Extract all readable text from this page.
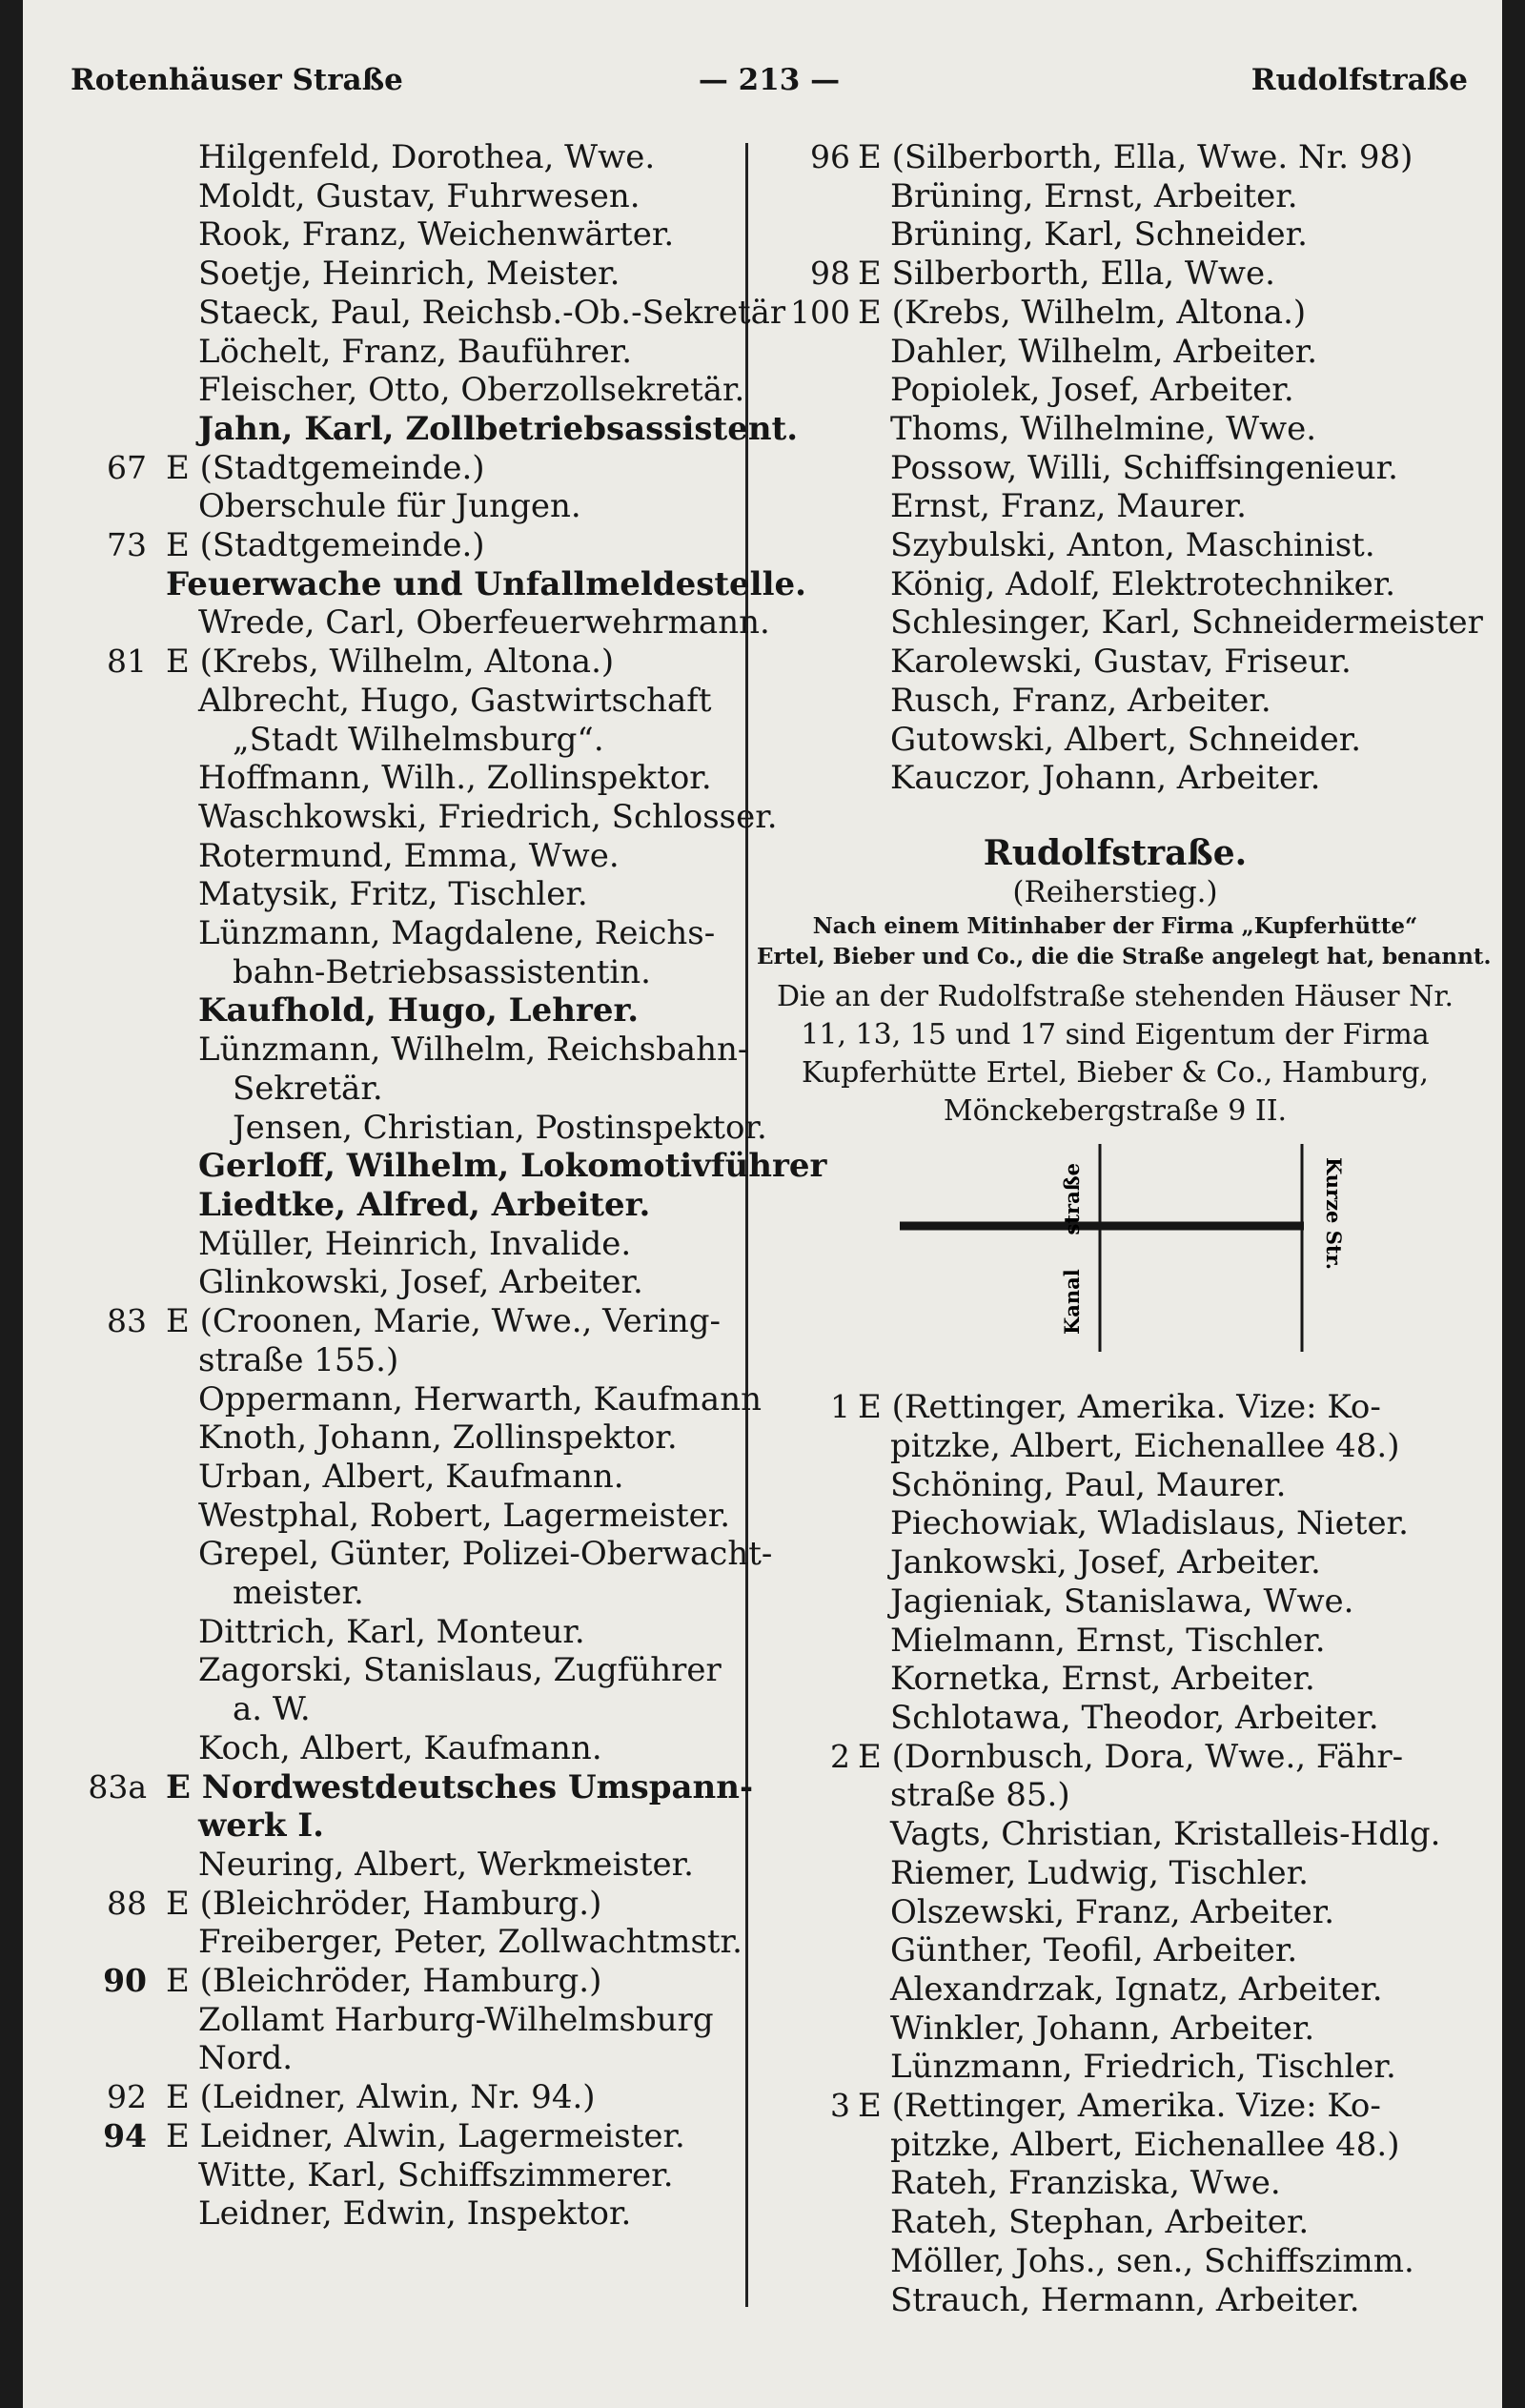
Rotenhäuser Straße	— 213 —	Rudolfstraße
Hilgenfeld, Dorothea, Wwe.
Moldt, Gustav, Fuhrwesen.
Rook, Franz, Weichenwärter.
Soetje, Heinrich, Meister.
Staeck, Paul, Reichsb.-Ob.-Sekretär
Löchelt, Franz, Bauführer.
Fleischer, Otto, Oberzollsekretär.
Jahn, Karl, Zollbetriebsassistent.
67 E (Stadtgemeinde.)
Oberschule für Jungen.
73 E (Stadtgemeinde.)
Feuerwache und Unfallmeldestelle.
Wrede, Carl, Oberfeuerwehrmann.
81 E (Krebs, Wilhelm, Altona.)
Albrecht, Hugo, Gastwirtschaft
„Stadt Wilhelmsburg“.
Hoffmann, Wilh., Zollinspektor.
Waschkowski, Friedrich, Schlosser.
Rotermund, Emma, Wwe.
Matysik, Fritz, Tischler.
Lünzmann, Magdalene, Reichs-
bahn-Betriebsassistentin.
Kaufhold, Hugo, Lehrer.
Lünzmann, Wilhelm, Reichsbahn-
Sekretär.
Jensen, Christian, Postinspektor.
Gerloff, Wilhelm, Lokomotivführer
Liedtke, Alfred, Arbeiter.
Müller, Heinrich, Invalide.
Glinkowski, Josef, Arbeiter.
83 E (Croonen, Marie, Wwe., Vering-
straße 155.)
Oppermann, Herwarth, Kaufmann
Knoth, Johann, Zollinspektor.
Urban, Albert, Kaufmann.
Westphal, Robert, Lagermeister.
Grepel, Günter, Polizei-Oberwacht-
meister.
Dittrich, Karl, Monteur.
Zagorski, Stanislaus, Zugführer
a. W.
Koch, Albert, Kaufmann.
83a E Nordwestdeutsches Umspann-
werk I.
Neuring, Albert, Werkmeister.
88 E (Bleichröder, Hamburg.)
Freiberger, Peter, Zollwachtmstr.
90 E (Bleichröder, Hamburg.)
Zollamt Harburg-Wilhelmsburg
Nord.
92 E (Leidner, Alwin, Nr. 94.)
94 E Leidner, Alwin, Lagermeister.
Witte, Karl, Schiffszimmerer.
Leidner, Edwin, Inspektor.
96 E (Silberborth, Ella, Wwe. Nr. 98)
Brüning, Ernst, Arbeiter.
Brüning, Karl, Schneider.
98 E Silberborth, Ella, Wwe.
100 E (Krebs, Wilhelm, Altona.)
Dahler, Wilhelm, Arbeiter.
Popiolek, Josef, Arbeiter.
Thoms, Wilhelmine, Wwe.
Possow, Willi, Schiffsingenieur.
Ernst, Franz, Maurer.
Szybulski, Anton, Maschinist.
König, Adolf, Elektrotechniker.
Schlesinger, Karl, Schneidermeister
Karolewski, Gustav, Friseur.
Rusch, Franz, Arbeiter.
Gutowski, Albert, Schneider.
Kauczor, Johann, Arbeiter.
Rudolfstraße.
(Reiherstieg.)
Nach einem Mitinhaber der Firma „Kupferhütte“
Ertel, Bieber und Co., die die Straße angelegt hat, benannt.
Die an der Rudolfstraße stehenden Häuser Nr.
11, 13, 15 und 17 sind Eigentum der Firma
Kupferhütte Ertel, Bieber & Co., Hamburg,
Mönckebergstraße 9 II.
straße
Kanal
Kurze Str.
1 E (Rettinger, Amerika. Vize: Ko-
pitzke, Albert, Eichenallee 48.)
Schöning, Paul, Maurer.
Piechowiak, Wladislaus, Nieter.
Jankowski, Josef, Arbeiter.
Jagieniak, Stanislawa, Wwe.
Mielmann, Ernst, Tischler.
Kornetka, Ernst, Arbeiter.
Schlotawa, Theodor, Arbeiter.
2 E (Dornbusch, Dora, Wwe., Fähr-
straße 85.)
Vagts, Christian, Kristalleis-Hdlg.
Riemer, Ludwig, Tischler.
Olszewski, Franz, Arbeiter.
Günther, Teofil, Arbeiter.
Alexandrzak, Ignatz, Arbeiter.
Winkler, Johann, Arbeiter.
Lünzmann, Friedrich, Tischler.
3 E (Rettinger, Amerika. Vize: Ko-
pitzke, Albert, Eichenallee 48.)
Rateh, Franziska, Wwe.
Rateh, Stephan, Arbeiter.
Möller, Johs., sen., Schiffszimm.
Strauch, Hermann, Arbeiter.
